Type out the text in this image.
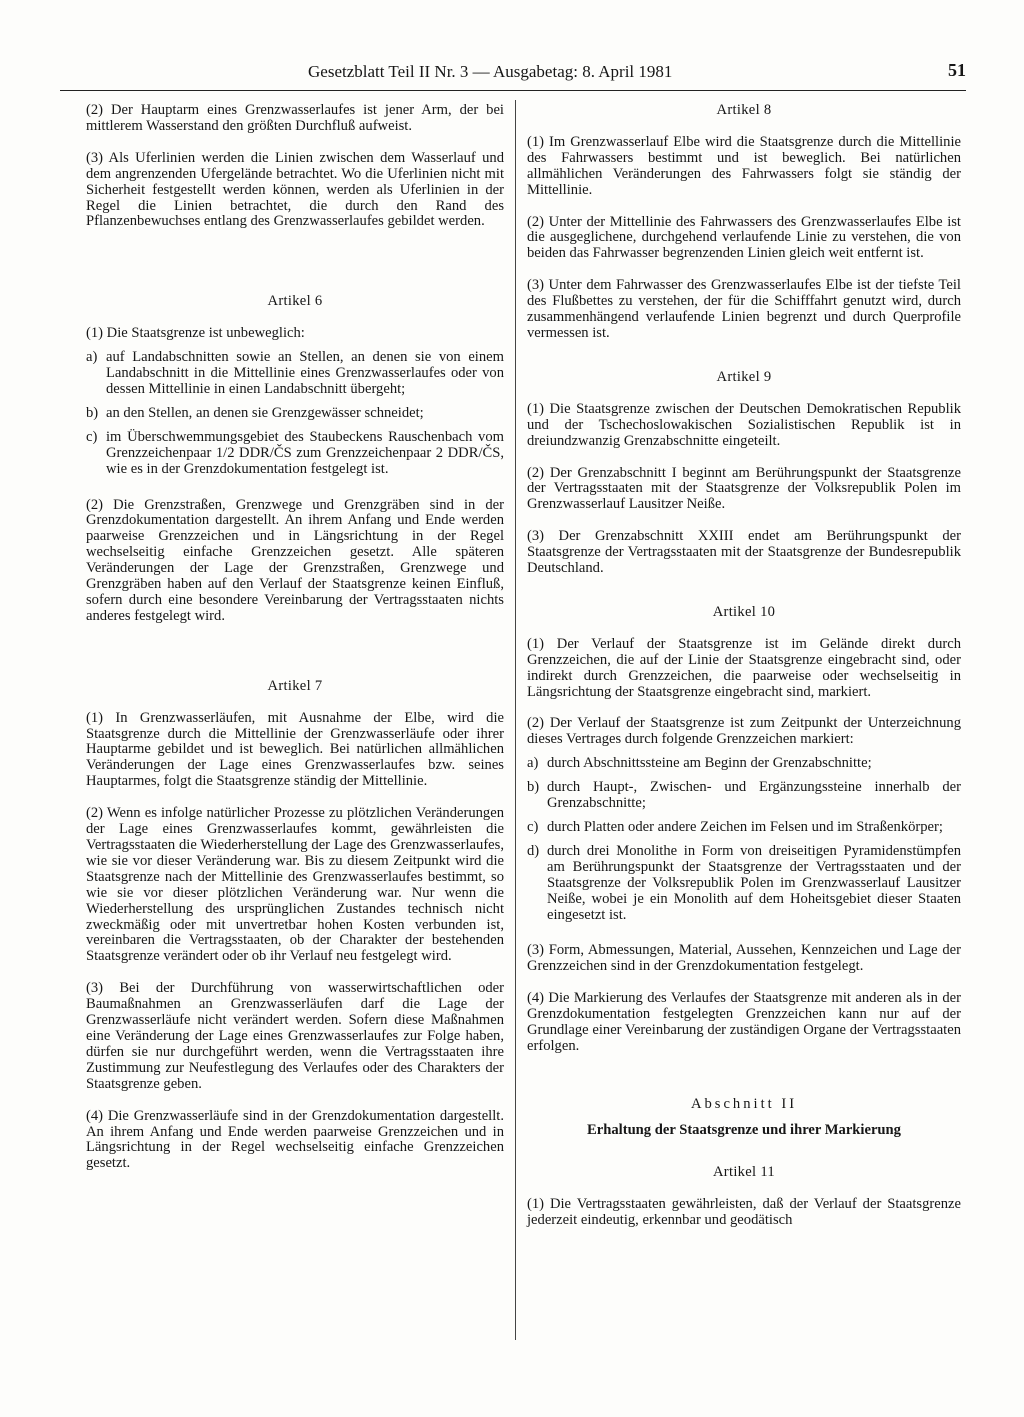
Gesetzblatt Teil II Nr. 3 — Ausgabetag: 8. April 1981	51

(2) Der Hauptarm eines Grenzwasserlaufes ist jener Arm, der bei mittlerem Wasserstand den größten Durchfluß aufweist.

(3) Als Uferlinien werden die Linien zwischen dem Wasserlauf und dem angrenzenden Ufergelände betrachtet. Wo die Uferlinien nicht mit Sicherheit festgestellt werden können, werden als Uferlinien in der Regel die Linien betrachtet, die durch den Rand des Pflanzenbewuchses entlang des Grenzwasserlaufes gebildet werden.

Artikel 6

(1) Die Staatsgrenze ist unbeweglich:

a) auf Landabschnitten sowie an Stellen, an denen sie von einem Landabschnitt in die Mittellinie eines Grenzwasserlaufes oder von dessen Mittellinie in einen Landabschnitt übergeht;
b) an den Stellen, an denen sie Grenzgewässer schneidet;
c) im Überschwemmungsgebiet des Staubeckens Rauschenbach vom Grenzzeichenpaar 1/2 DDR/ČS zum Grenzzeichenpaar 2 DDR/ČS, wie es in der Grenzdokumentation festgelegt ist.

(2) Die Grenzstraßen, Grenzwege und Grenzgräben sind in der Grenzdokumentation dargestellt. An ihrem Anfang und Ende werden paarweise Grenzzeichen und in Längsrichtung in der Regel wechselseitig einfache Grenzzeichen gesetzt. Alle späteren Veränderungen der Lage der Grenzstraßen, Grenzwege und Grenzgräben haben auf den Verlauf der Staatsgrenze keinen Einfluß, sofern durch eine besondere Vereinbarung der Vertragsstaaten nichts anderes festgelegt wird.

Artikel 7

(1) In Grenzwasserläufen, mit Ausnahme der Elbe, wird die Staatsgrenze durch die Mittellinie der Grenzwasserläufe oder ihrer Hauptarme gebildet und ist beweglich. Bei natürlichen allmählichen Veränderungen der Lage eines Grenzwasserlaufes bzw. seines Hauptarmes, folgt die Staatsgrenze ständig der Mittellinie.

(2) Wenn es infolge natürlicher Prozesse zu plötzlichen Veränderungen der Lage eines Grenzwasserlaufes kommt, gewährleisten die Vertragsstaaten die Wiederherstellung der Lage des Grenzwasserlaufes, wie sie vor dieser Veränderung war. Bis zu diesem Zeitpunkt wird die Staatsgrenze nach der Mittellinie des Grenzwasserlaufes bestimmt, so wie sie vor dieser plötzlichen Veränderung war. Nur wenn die Wiederherstellung des ursprünglichen Zustandes technisch nicht zweckmäßig oder mit unvertretbar hohen Kosten verbunden ist, vereinbaren die Vertragsstaaten, ob der Charakter der bestehenden Staatsgrenze verändert oder ob ihr Verlauf neu festgelegt wird.

(3) Bei der Durchführung von wasserwirtschaftlichen oder Baumaßnahmen an Grenzwasserläufen darf die Lage der Grenzwasserläufe nicht verändert werden. Sofern diese Maßnahmen eine Veränderung der Lage eines Grenzwasserlaufes zur Folge haben, dürfen sie nur durchgeführt werden, wenn die Vertragsstaaten ihre Zustimmung zur Neufestlegung des Verlaufes oder des Charakters der Staatsgrenze geben.

(4) Die Grenzwasserläufe sind in der Grenzdokumentation dargestellt. An ihrem Anfang und Ende werden paarweise Grenzzeichen und in Längsrichtung in der Regel wechselseitig einfache Grenzzeichen gesetzt.

Artikel 8

(1) Im Grenzwasserlauf Elbe wird die Staatsgrenze durch die Mittellinie des Fahrwassers bestimmt und ist beweglich. Bei natürlichen allmählichen Veränderungen des Fahrwassers folgt sie ständig der Mittellinie.

(2) Unter der Mittellinie des Fahrwassers des Grenzwasserlaufes Elbe ist die ausgeglichene, durchgehend verlaufende Linie zu verstehen, die von beiden das Fahrwasser begrenzenden Linien gleich weit entfernt ist.

(3) Unter dem Fahrwasser des Grenzwasserlaufes Elbe ist der tiefste Teil des Flußbettes zu verstehen, der für die Schifffahrt genutzt wird, durch zusammenhängend verlaufende Linien begrenzt und durch Querprofile vermessen ist.

Artikel 9

(1) Die Staatsgrenze zwischen der Deutschen Demokratischen Republik und der Tschechoslowakischen Sozialistischen Republik ist in dreiundzwanzig Grenzabschnitte eingeteilt.

(2) Der Grenzabschnitt I beginnt am Berührungspunkt der Staatsgrenze der Vertragsstaaten mit der Staatsgrenze der Volksrepublik Polen im Grenzwasserlauf Lausitzer Neiße.

(3) Der Grenzabschnitt XXIII endet am Berührungspunkt der Staatsgrenze der Vertragsstaaten mit der Staatsgrenze der Bundesrepublik Deutschland.

Artikel 10

(1) Der Verlauf der Staatsgrenze ist im Gelände direkt durch Grenzzeichen, die auf der Linie der Staatsgrenze eingebracht sind, oder indirekt durch Grenzzeichen, die paarweise oder wechselseitig in Längsrichtung der Staatsgrenze eingebracht sind, markiert.

(2) Der Verlauf der Staatsgrenze ist zum Zeitpunkt der Unterzeichnung dieses Vertrages durch folgende Grenzzeichen markiert:

a) durch Abschnittssteine am Beginn der Grenzabschnitte;
b) durch Haupt-, Zwischen- und Ergänzungssteine innerhalb der Grenzabschnitte;
c) durch Platten oder andere Zeichen im Felsen und im Straßenkörper;
d) durch drei Monolithe in Form von dreiseitigen Pyramidenstümpfen am Berührungspunkt der Staatsgrenze der Vertragsstaaten und der Staatsgrenze der Volksrepublik Polen im Grenzwasserlauf Lausitzer Neiße, wobei je ein Monolith auf dem Hoheitsgebiet dieser Staaten eingesetzt ist.

(3) Form, Abmessungen, Material, Aussehen, Kennzeichen und Lage der Grenzzeichen sind in der Grenzdokumentation festgelegt.

(4) Die Markierung des Verlaufes der Staatsgrenze mit anderen als in der Grenzdokumentation festgelegten Grenzzeichen kann nur auf der Grundlage einer Vereinbarung der zuständigen Organe der Vertragsstaaten erfolgen.

Abschnitt II
Erhaltung der Staatsgrenze und ihrer Markierung
Artikel 11

(1) Die Vertragsstaaten gewährleisten, daß der Verlauf der Staatsgrenze jederzeit eindeutig, erkennbar und geodätisch
